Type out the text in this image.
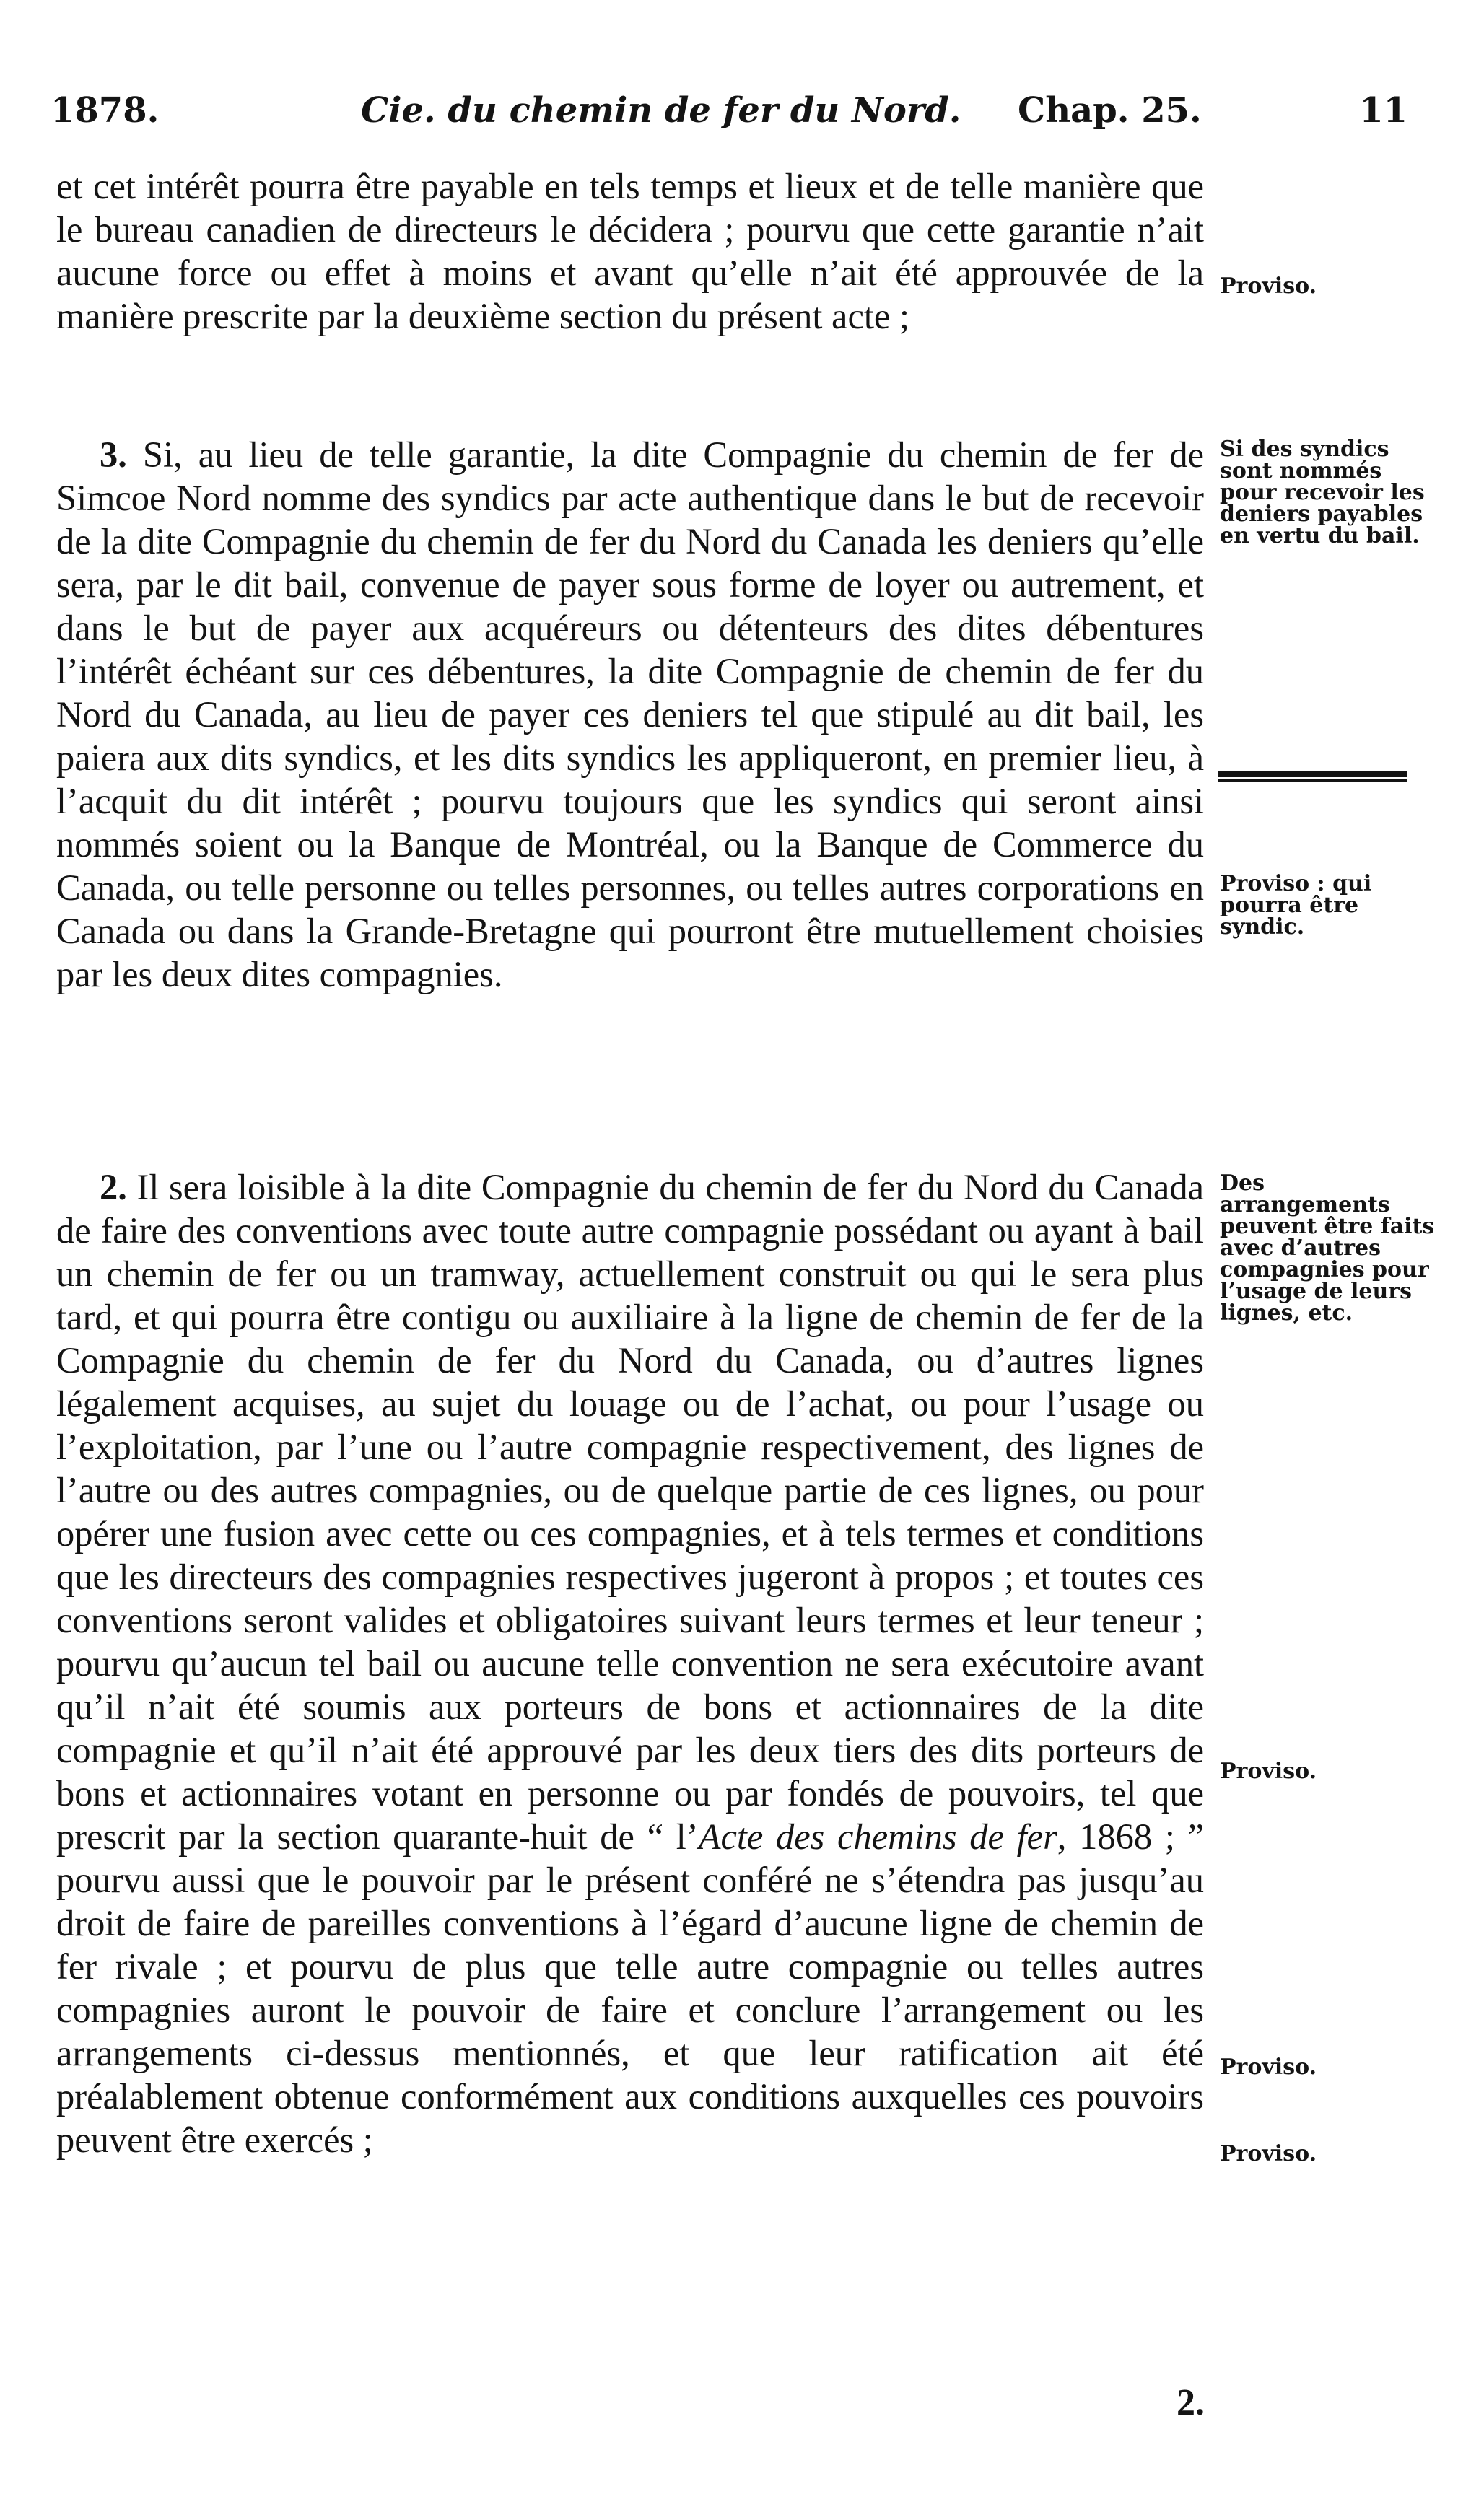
1878.	Cie. du chemin de fer du Nord. Chap. 25.	11

et cet intérêt pourra être payable en tels temps et lieux et de telle manière que le bureau canadien de directeurs le décidera ; pourvu que cette garantie n’ait aucune force ou effet à moins et avant qu’elle n’ait été approuvée de la manière prescrite par la deuxième section du présent acte ;

3. Si, au lieu de telle garantie, la dite Compagnie du chemin de fer de Simcoe Nord nomme des syndics par acte authentique dans le but de recevoir de la dite Compagnie du chemin de fer du Nord du Canada les deniers qu’elle sera, par le dit bail, convenue de payer sous forme de loyer ou autrement, et dans le but de payer aux acquéreurs ou détenteurs des dites débentures l’intérêt échéant sur ces débentures, la dite Compagnie de chemin de fer du Nord du Canada, au lieu de payer ces deniers tel que stipulé au dit bail, les paiera aux dits syndics, et les dits syndics les appliqueront, en premier lieu, à l’acquit du dit intérêt ; pourvu toujours que les syndics qui seront ainsi nommés soient ou la Banque de Montréal, ou la Banque de Commerce du Canada, ou telle personne ou telles personnes, ou telles autres corporations en Canada ou dans la Grande-Bretagne qui pourront être mutuellement choisies par les deux dites compagnies.

2. Il sera loisible à la dite Compagnie du chemin de fer du Nord du Canada de faire des conventions avec toute autre compagnie possédant ou ayant à bail un chemin de fer ou un tramway, actuellement construit ou qui le sera plus tard, et qui pourra être contigu ou auxiliaire à la ligne de chemin de fer de la Compagnie du chemin de fer du Nord du Canada, ou d’autres lignes légalement acquises, au sujet du louage ou de l’achat, ou pour l’usage ou l’exploitation, par l’une ou l’autre compagnie respectivement, des lignes de l’autre ou des autres compagnies, ou de quelque partie de ces lignes, ou pour opérer une fusion avec cette ou ces compagnies, et à tels termes et conditions que les directeurs des compagnies respectives jugeront à propos ; et toutes ces conventions seront valides et obligatoires suivant leurs termes et leur teneur ; pourvu qu’aucun tel bail ou aucune telle convention ne sera exécutoire avant qu’il n’ait été soumis aux porteurs de bons et actionnaires de la dite compagnie et qu’il n’ait été approuvé par les deux tiers des dits porteurs de bons et actionnaires votant en personne ou par fondés de pouvoirs, tel que prescrit par la section quarante-huit de “ l’Acte des chemins de fer, 1868 ; ” pourvu aussi que le pouvoir par le présent conféré ne s’étendra pas jusqu’au droit de faire de pareilles conventions à l’égard d’aucune ligne de chemin de fer rivale ; et pourvu de plus que telle autre compagnie ou telles autres compagnies auront le pouvoir de faire et conclure l’arrangement ou les arrangements ci-dessus mentionnés, et que leur ratification ait été préalablement obtenue conformément aux conditions auxquelles ces pouvoirs peuvent être exercés ;

Proviso.
Si des syndics sont nommés pour recevoir les deniers payables en vertu du bail.
Proviso : qui pourra être syndic.
Des arrangements peuvent être faits avec d’autres compagnies pour l’usage de leurs lignes, etc.
Proviso.
Proviso.
Proviso.
2.
